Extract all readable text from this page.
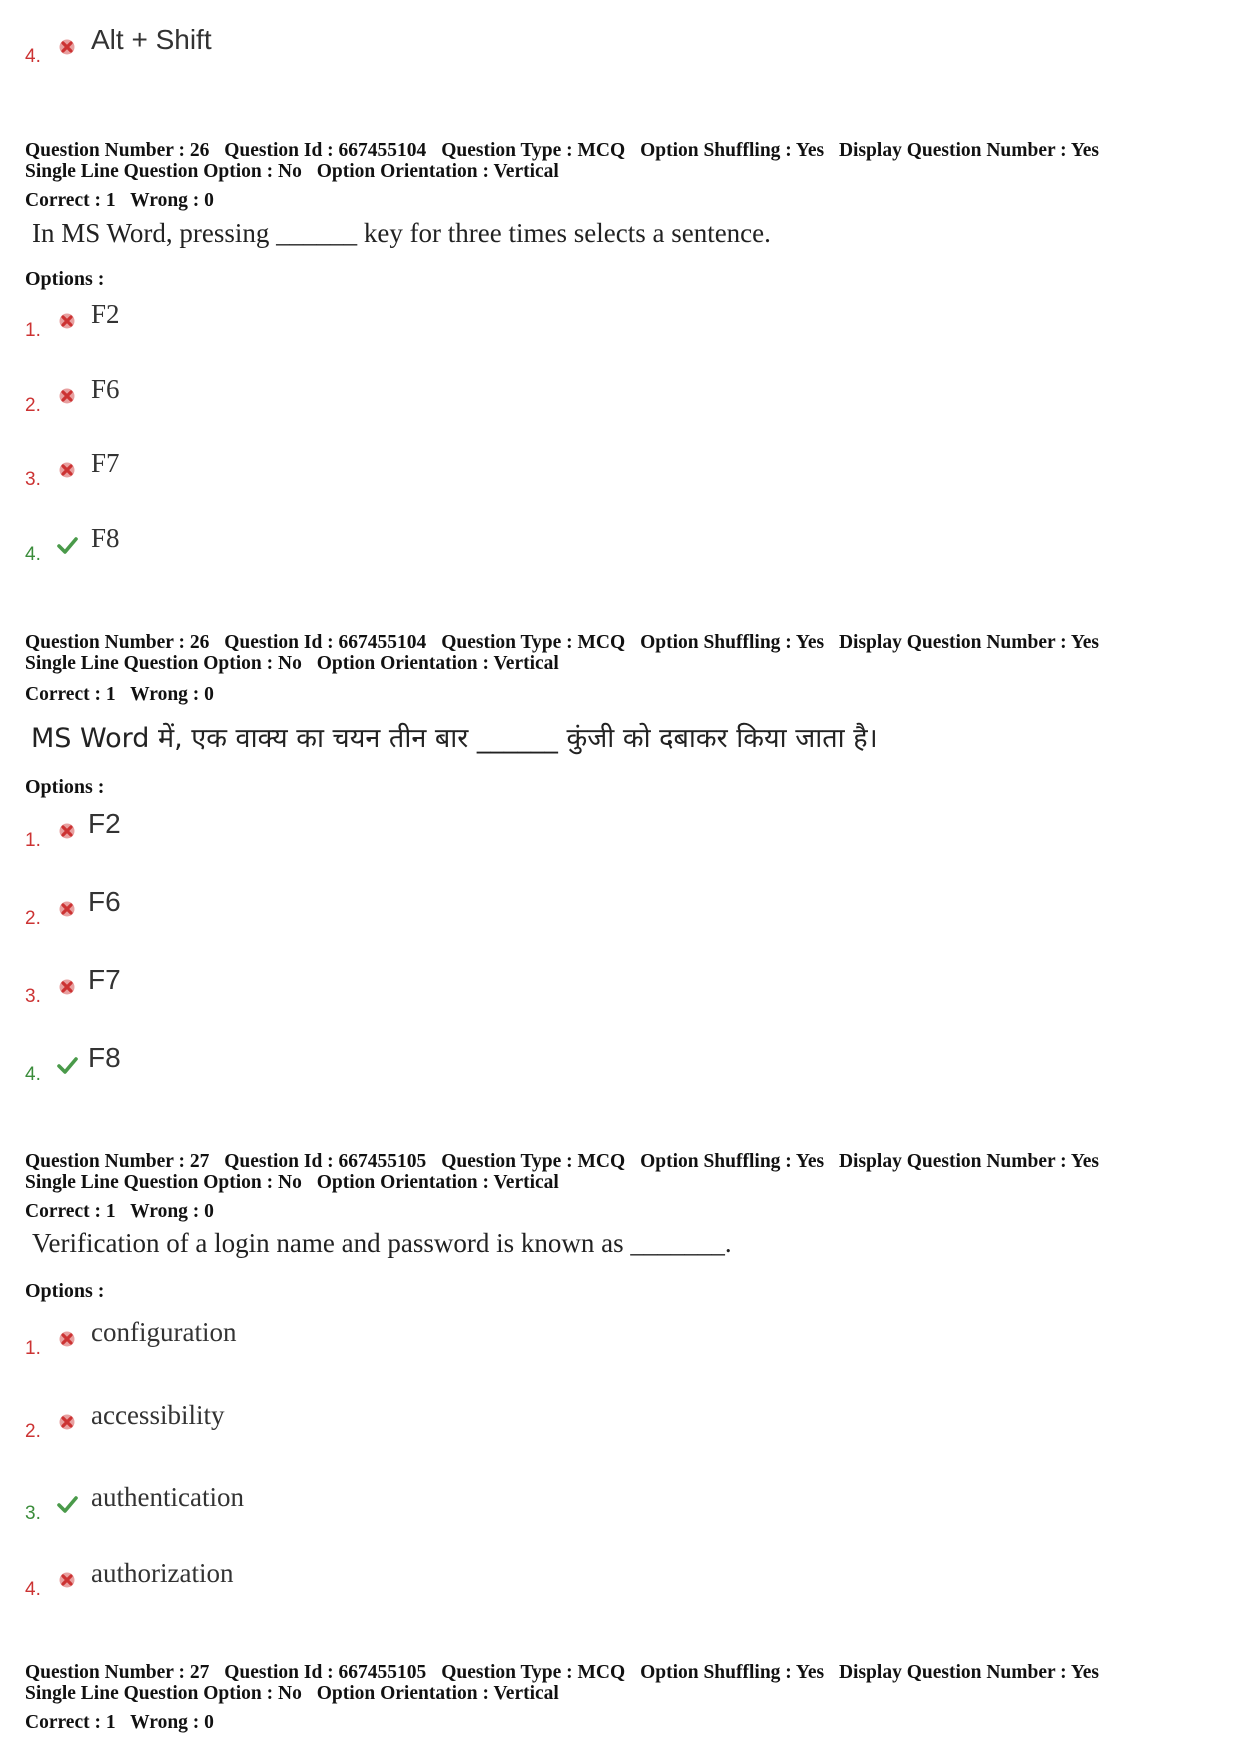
4.
Alt + Shift
Question Number : 26 Question Id : 667455104 Question Type : MCQ Option Shuffling : Yes Display Question Number : Yes
Single Line Question Option : No Option Orientation : Vertical
Correct : 1 Wrong : 0
In MS Word, pressing ______ key for three times selects a sentence.
Options :
1.
F2
2.
F6
3.
F7
4.
F8
Question Number : 26 Question Id : 667455104 Question Type : MCQ Option Shuffling : Yes Display Question Number : Yes
Single Line Question Option : No Option Orientation : Vertical
Correct : 1 Wrong : 0
MS Word में, एक वाक्य का चयन तीन बार ______ कुंजी को दबाकर किया जाता है।
Options :
1.
F2
2.
F6
3.
F7
4.
F8
Question Number : 27 Question Id : 667455105 Question Type : MCQ Option Shuffling : Yes Display Question Number : Yes
Single Line Question Option : No Option Orientation : Vertical
Correct : 1 Wrong : 0
Verification of a login name and password is known as _______.
Options :
1.
configuration
2.
accessibility
3.
authentication
4.
authorization
Question Number : 27 Question Id : 667455105 Question Type : MCQ Option Shuffling : Yes Display Question Number : Yes
Single Line Question Option : No Option Orientation : Vertical
Correct : 1 Wrong : 0
